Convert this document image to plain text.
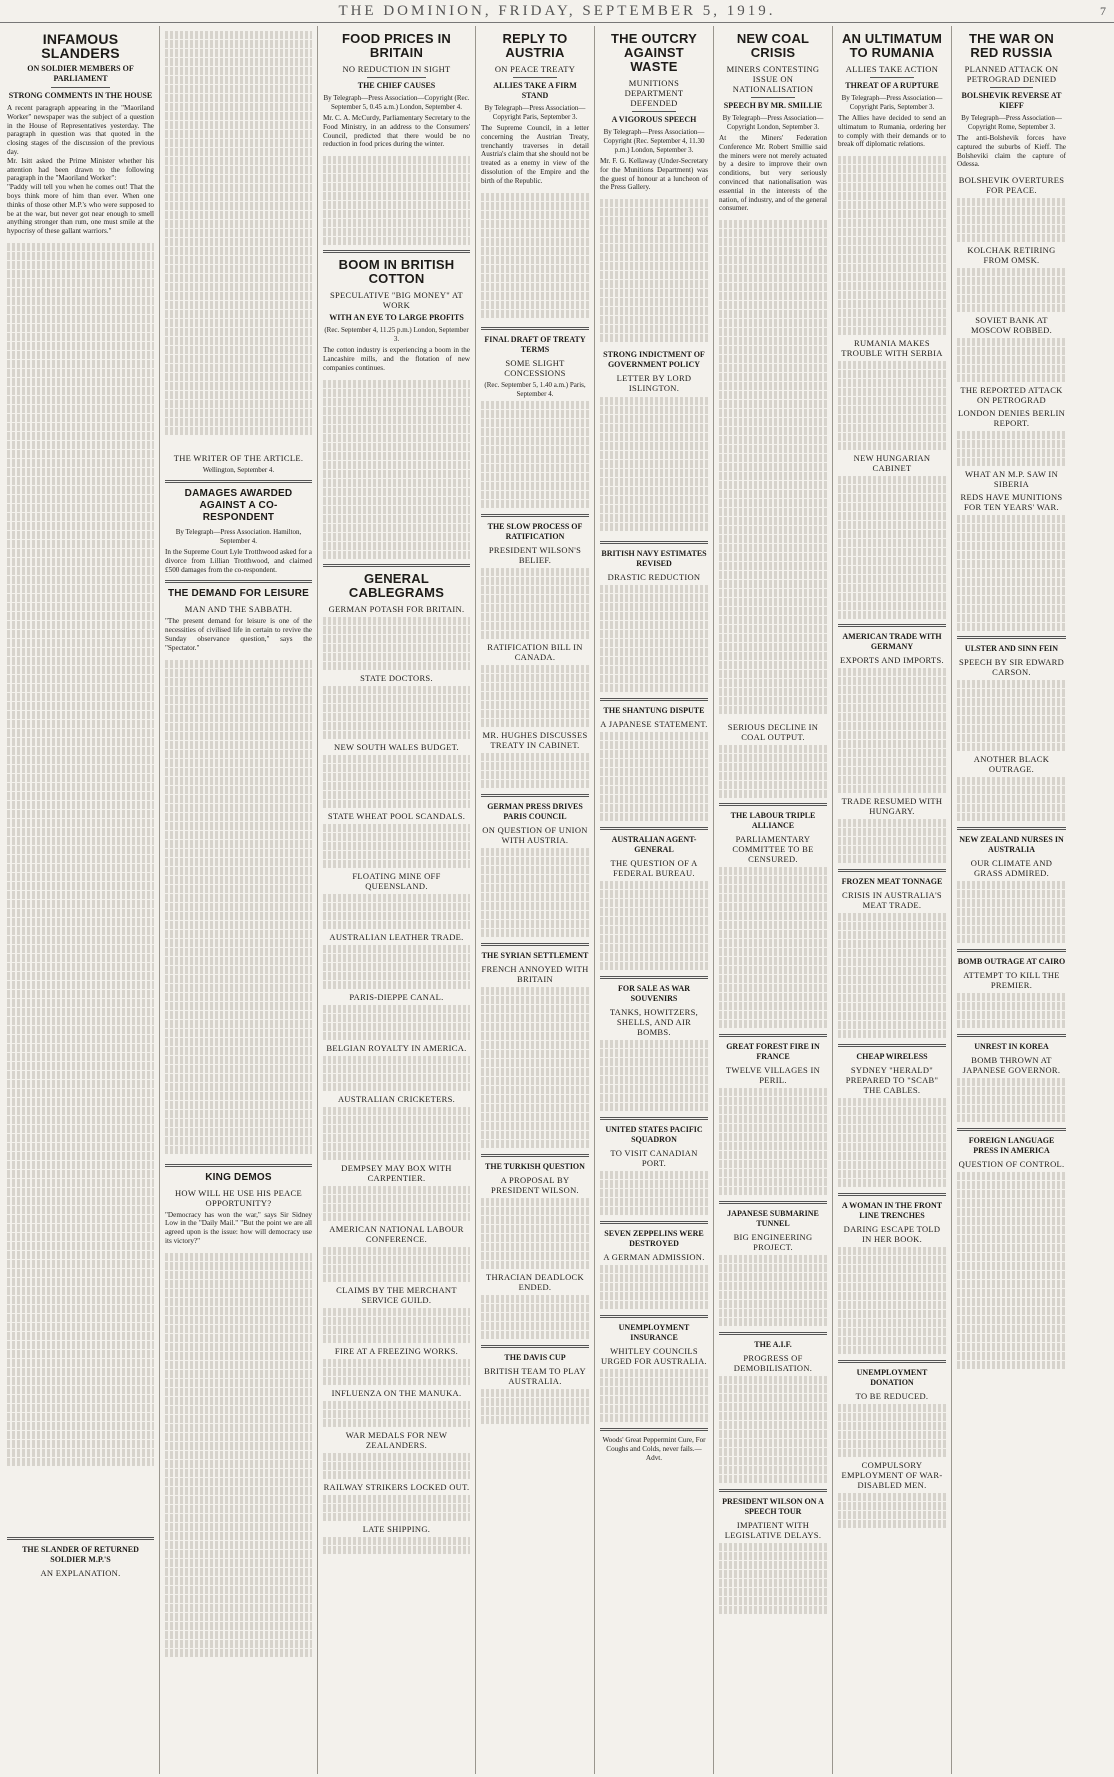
THE DOMINION, FRIDAY, SEPTEMBER 5, 1919.	7
INFAMOUS SLANDERS
ON SOLDIER MEMBERS OF PARLIAMENT
STRONG COMMENTS IN THE HOUSE

A recent paragraph appearing in the "Maoriland Worker" newspaper was the subject of a question in the House of Representatives yesterday. The paragraph in question was that quoted in the closing stages of the discussion of the previous day.

Mr. Isitt asked the Prime Minister whether his attention had been drawn to the following paragraph in the "Maoriland Worker":

"Paddy will tell you when he comes out! That the boys think more of him than ever. When one thinks of those other M.P.'s who were supposed to be at the war, but never got near enough to smell anything stronger than rum, one must smile at the hypocrisy of these gallant warriors."

THE SLANDER OF RETURNED SOLDIER M.P.'S
AN EXPLANATION.
THE WRITER OF THE ARTICLE.
Wellington, September 4.
DAMAGES AWARDED AGAINST A CO-RESPONDENT
By Telegraph—Press Association. Hamilton, September 4.

In the Supreme Court Lyle Trotthwood asked for a divorce from Lillian Trotthwood, and claimed £500 damages from the co-respondent.

THE DEMAND FOR LEISURE
MAN AND THE SABBATH.

"The present demand for leisure is one of the necessities of civilised life in certain to revive the Sunday observance question," says the "Spectator."

KING DEMOS
HOW WILL HE USE HIS PEACE OPPORTUNITY?

"Democracy has won the war," says Sir Sidney Low in the "Daily Mail." "But the point we are all agreed upon is the issue: how will democracy use its victory?"

FOOD PRICES IN BRITAIN
NO REDUCTION IN SIGHT
THE CHIEF CAUSES
By Telegraph—Press Association—Copyright (Rec. September 5, 0.45 a.m.) London, September 4.

Mr. C. A. McCurdy, Parliamentary Secretary to the Food Ministry, in an address to the Consumers' Council, predicted that there would be no reduction in food prices during the winter.

BOOM IN BRITISH COTTON
SPECULATIVE "BIG MONEY" AT WORK
WITH AN EYE TO LARGE PROFITS
(Rec. September 4, 11.25 p.m.) London, September 3.

The cotton industry is experiencing a boom in the Lancashire mills, and the flotation of new companies continues.

GENERAL CABLEGRAMS
GERMAN POTASH FOR BRITAIN.
STATE DOCTORS.
NEW SOUTH WALES BUDGET.
STATE WHEAT POOL SCANDALS.
FLOATING MINE OFF QUEENSLAND.
AUSTRALIAN LEATHER TRADE.
PARIS-DIEPPE CANAL.
BELGIAN ROYALTY IN AMERICA.
AUSTRALIAN CRICKETERS.
DEMPSEY MAY BOX WITH CARPENTIER.
AMERICAN NATIONAL LABOUR CONFERENCE.
CLAIMS BY THE MERCHANT SERVICE GUILD.
FIRE AT A FREEZING WORKS.
INFLUENZA ON THE MANUKA.
WAR MEDALS FOR NEW ZEALANDERS.
RAILWAY STRIKERS LOCKED OUT.
LATE SHIPPING.
REPLY TO AUSTRIA
ON PEACE TREATY
ALLIES TAKE A FIRM STAND
By Telegraph—Press Association—Copyright Paris, September 3.

The Supreme Council, in a letter concerning the Austrian Treaty, trenchantly traverses in detail Austria's claim that she should not be treated as a enemy in view of the dissolution of the Empire and the birth of the Republic.

FINAL DRAFT OF TREATY TERMS
SOME SLIGHT CONCESSIONS
(Rec. September 5, 1.40 a.m.) Paris, September 4.
THE SLOW PROCESS OF RATIFICATION
PRESIDENT WILSON'S BELIEF.
RATIFICATION BILL IN CANADA.
MR. HUGHES DISCUSSES TREATY IN CABINET.
GERMAN PRESS DRIVES PARIS COUNCIL
ON QUESTION OF UNION WITH AUSTRIA.
THE SYRIAN SETTLEMENT
FRENCH ANNOYED WITH BRITAIN
THE TURKISH QUESTION
A PROPOSAL BY PRESIDENT WILSON.
THRACIAN DEADLOCK ENDED.
THE DAVIS CUP
BRITISH TEAM TO PLAY AUSTRALIA.
THE OUTCRY AGAINST WASTE
MUNITIONS DEPARTMENT DEFENDED
A VIGOROUS SPEECH
By Telegraph—Press Association—Copyright (Rec. September 4, 11.30 p.m.) London, September 3.

Mr. F. G. Kellaway (Under-Secretary for the Munitions Department) was the guest of honour at a luncheon of the Press Gallery.

STRONG INDICTMENT OF GOVERNMENT POLICY
LETTER BY LORD ISLINGTON.
BRITISH NAVY ESTIMATES REVISED
DRASTIC REDUCTION
THE SHANTUNG DISPUTE
A JAPANESE STATEMENT.
AUSTRALIAN AGENT-GENERAL
THE QUESTION OF A FEDERAL BUREAU.
FOR SALE AS WAR SOUVENIRS
TANKS, HOWITZERS, SHELLS, AND AIR BOMBS.
UNITED STATES PACIFIC SQUADRON
TO VISIT CANADIAN PORT.
SEVEN ZEPPELINS WERE DESTROYED
A GERMAN ADMISSION.
UNEMPLOYMENT INSURANCE
WHITLEY COUNCILS URGED FOR AUSTRALIA.

Woods' Great Peppermint Cure, For Coughs and Colds, never fails.—Advt.

NEW COAL CRISIS
MINERS CONTESTING ISSUE ON NATIONALISATION
SPEECH BY MR. SMILLIE
By Telegraph—Press Association—Copyright London, September 3.

At the Miners' Federation Conference Mr. Robert Smillie said the miners were not merely actuated by a desire to improve their own conditions, but very seriously convinced that nationalisation was essential in the interests of the nation, of industry, and of the general consumer.

SERIOUS DECLINE IN COAL OUTPUT.
THE LABOUR TRIPLE ALLIANCE
PARLIAMENTARY COMMITTEE TO BE CENSURED.
GREAT FOREST FIRE IN FRANCE
TWELVE VILLAGES IN PERIL.
JAPANESE SUBMARINE TUNNEL
BIG ENGINEERING PROJECT.
THE A.I.F.
PROGRESS OF DEMOBILISATION.
PRESIDENT WILSON ON A SPEECH TOUR
IMPATIENT WITH LEGISLATIVE DELAYS.
AN ULTIMATUM TO RUMANIA
ALLIES TAKE ACTION
THREAT OF A RUPTURE
By Telegraph—Press Association—Copyright Paris, September 3.

The Allies have decided to send an ultimatum to Rumania, ordering her to comply with their demands or to break off diplomatic relations.

RUMANIA MAKES TROUBLE WITH SERBIA
NEW HUNGARIAN CABINET
AMERICAN TRADE WITH GERMANY
EXPORTS AND IMPORTS.
TRADE RESUMED WITH HUNGARY.
FROZEN MEAT TONNAGE
CRISIS IN AUSTRALIA'S MEAT TRADE.
CHEAP WIRELESS
SYDNEY "HERALD" PREPARED TO "SCAB" THE CABLES.
A WOMAN IN THE FRONT LINE TRENCHES
DARING ESCAPE TOLD IN HER BOOK.
UNEMPLOYMENT DONATION
TO BE REDUCED.
COMPULSORY EMPLOYMENT OF WAR-DISABLED MEN.
THE WAR ON RED RUSSIA
PLANNED ATTACK ON PETROGRAD DENIED
BOLSHEVIK REVERSE AT KIEFF
By Telegraph—Press Association—Copyright Rome, September 3.

The anti-Bolshevik forces have captured the suburbs of Kieff. The Bolsheviki claim the capture of Odessa.

BOLSHEVIK OVERTURES FOR PEACE.
KOLCHAK RETIRING FROM OMSK.
SOVIET BANK AT MOSCOW ROBBED.
THE REPORTED ATTACK ON PETROGRAD
LONDON DENIES BERLIN REPORT.
WHAT AN M.P. SAW IN SIBERIA
REDS HAVE MUNITIONS FOR TEN YEARS' WAR.
ULSTER AND SINN FEIN
SPEECH BY SIR EDWARD CARSON.
ANOTHER BLACK OUTRAGE.
NEW ZEALAND NURSES IN AUSTRALIA
OUR CLIMATE AND GRASS ADMIRED.
BOMB OUTRAGE AT CAIRO
ATTEMPT TO KILL THE PREMIER.
UNREST IN KOREA
BOMB THROWN AT JAPANESE GOVERNOR.
FOREIGN LANGUAGE PRESS IN AMERICA
QUESTION OF CONTROL.
